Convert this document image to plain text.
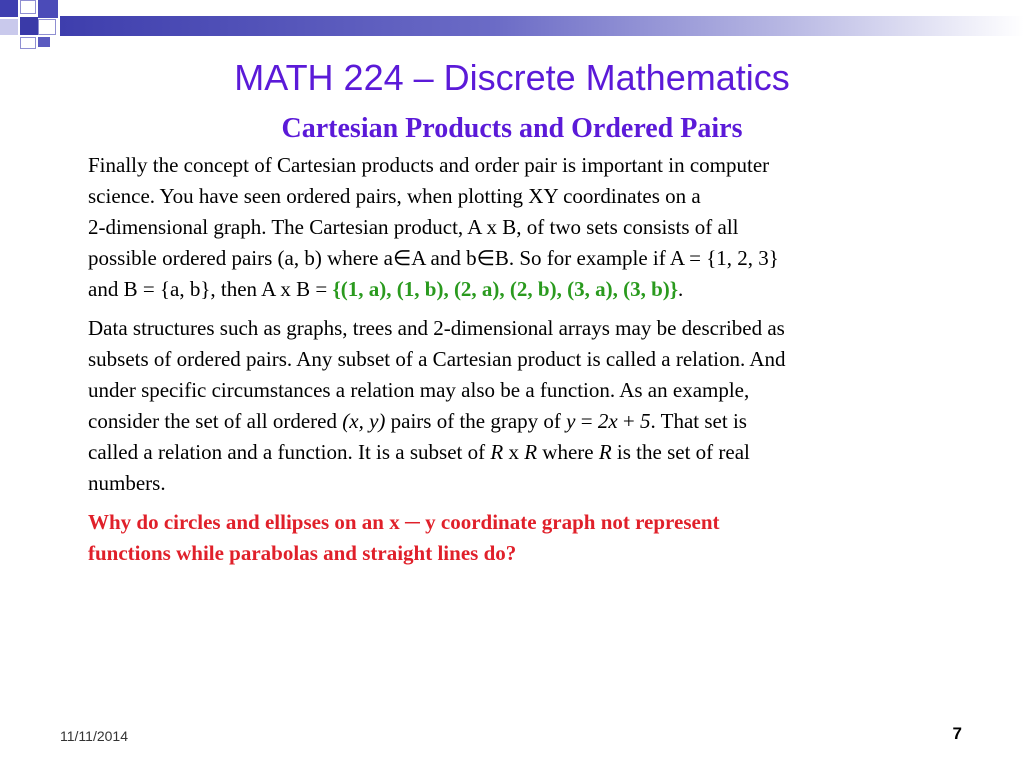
MATH 224 – Discrete Mathematics
Cartesian Products and Ordered Pairs

Finally the concept of Cartesian products and order pair is important in computer
science. You have seen ordered pairs, when plotting XY coordinates on a
2-dimensional graph. The Cartesian product, A x B, of two sets consists of all
possible ordered pairs (a, b) where a∈A and b∈B. So for example if A = {1, 2, 3}
and B = {a, b}, then A x B = {(1, a), (1, b), (2, a), (2, b), (3, a), (3, b)}.

Data structures such as graphs, trees and 2-dimensional arrays may be described as
subsets of ordered pairs. Any subset of a Cartesian product is called a relation. And
under specific circumstances a relation may also be a function. As an example,
consider the set of all ordered (x, y) pairs of the grapy of y = 2x + 5. That set is
called a relation and a function. It is a subset of R x R where R is the set of real
numbers.

Why do circles and ellipses on an x ─ y coordinate graph not represent
functions while parabolas and straight lines do?

11/11/2014	7
